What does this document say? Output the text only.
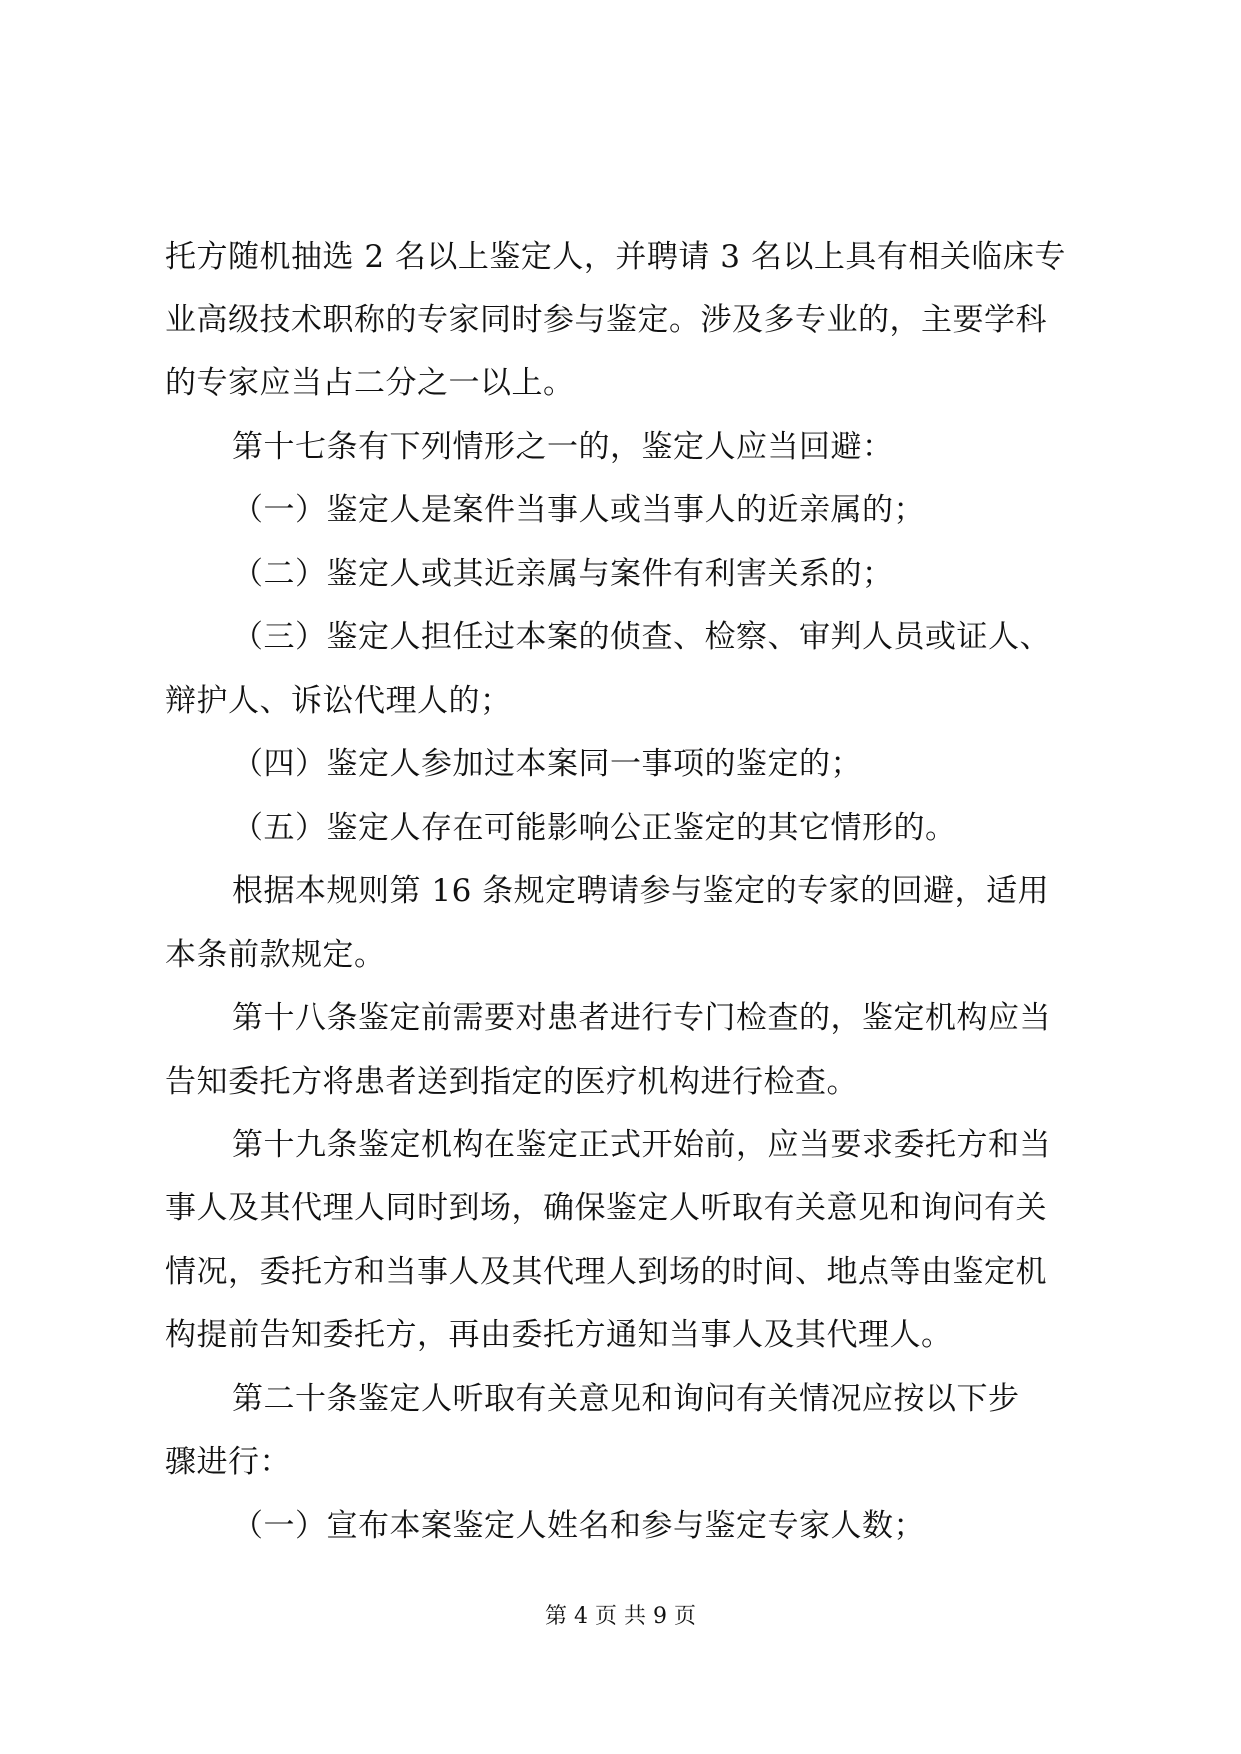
托方随机抽选 2 名以上鉴定人，并聘请 3 名以上具有相关临床专
业高级技术职称的专家同时参与鉴定。涉及多专业的，主要学科
的专家应当占二分之一以上。
第十七条有下列情形之一的，鉴定人应当回避：
（一）鉴定人是案件当事人或当事人的近亲属的；
（二）鉴定人或其近亲属与案件有利害关系的；
（三）鉴定人担任过本案的侦查、检察、审判人员或证人、
辩护人、诉讼代理人的；
（四）鉴定人参加过本案同一事项的鉴定的；
（五）鉴定人存在可能影响公正鉴定的其它情形的。
根据本规则第 16 条规定聘请参与鉴定的专家的回避，适用
本条前款规定。
第十八条鉴定前需要对患者进行专门检查的，鉴定机构应当
告知委托方将患者送到指定的医疗机构进行检查。
第十九条鉴定机构在鉴定正式开始前，应当要求委托方和当
事人及其代理人同时到场，确保鉴定人听取有关意见和询问有关
情况，委托方和当事人及其代理人到场的时间、地点等由鉴定机
构提前告知委托方，再由委托方通知当事人及其代理人。
第二十条鉴定人听取有关意见和询问有关情况应按以下步
骤进行：
（一）宣布本案鉴定人姓名和参与鉴定专家人数；
第 4 页 共 9 页
